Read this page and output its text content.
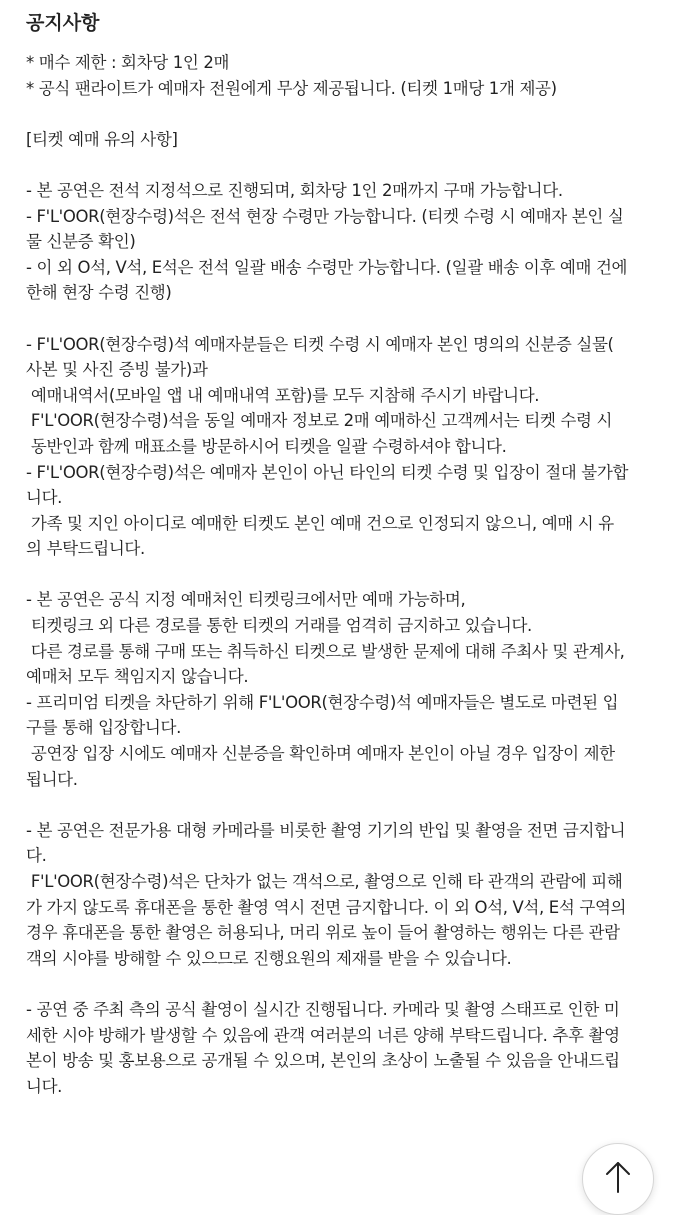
공지사항
* 매수 제한 : 회차당 1인 2매
* 공식 팬라이트가 예매자 전원에게 무상 제공됩니다. (티켓 1매당 1개 제공)
[티켓 예매 유의 사항]
- 본 공연은 전석 지정석으로 진행되며, 회차당 1인 2매까지 구매 가능합니다.
- F'L'OOR(현장수령)석은 전석 현장 수령만 가능합니다. (티켓 수령 시 예매자 본인 실
물 신분증 확인)
- 이 외 O석, V석, E석은 전석 일괄 배송 수령만 가능합니다. (일괄 배송 이후 예매 건에
한해 현장 수령 진행)
- F'L'OOR(현장수령)석 예매자분들은 티켓 수령 시 예매자 본인 명의의 신분증 실물(
사본 및 사진 증빙 불가)과
예매내역서(모바일 앱 내 예매내역 포함)를 모두 지참해 주시기 바랍니다.
F'L'OOR(현장수령)석을 동일 예매자 정보로 2매 예매하신 고객께서는 티켓 수령 시
동반인과 함께 매표소를 방문하시어 티켓을 일괄 수령하셔야 합니다.
- F'L'OOR(현장수령)석은 예매자 본인이 아닌 타인의 티켓 수령 및 입장이 절대 불가합
니다.
가족 및 지인 아이디로 예매한 티켓도 본인 예매 건으로 인정되지 않으니, 예매 시 유
의 부탁드립니다.
- 본 공연은 공식 지정 예매처인 티켓링크에서만 예매 가능하며,
티켓링크 외 다른 경로를 통한 티켓의 거래를 엄격히 금지하고 있습니다.
다른 경로를 통해 구매 또는 취득하신 티켓으로 발생한 문제에 대해 주최사 및 관계사,
예매처 모두 책임지지 않습니다.
- 프리미엄 티켓을 차단하기 위해 F'L'OOR(현장수령)석 예매자들은 별도로 마련된 입
구를 통해 입장합니다.
공연장 입장 시에도 예매자 신분증을 확인하며 예매자 본인이 아닐 경우 입장이 제한
됩니다.
- 본 공연은 전문가용 대형 카메라를 비롯한 촬영 기기의 반입 및 촬영을 전면 금지합니
다.
F'L'OOR(현장수령)석은 단차가 없는 객석으로, 촬영으로 인해 타 관객의 관람에 피해
가 가지 않도록 휴대폰을 통한 촬영 역시 전면 금지합니다. 이 외 O석, V석, E석 구역의
경우 휴대폰을 통한 촬영은 허용되나, 머리 위로 높이 들어 촬영하는 행위는 다른 관람
객의 시야를 방해할 수 있으므로 진행요원의 제재를 받을 수 있습니다.
- 공연 중 주최 측의 공식 촬영이 실시간 진행됩니다. 카메라 및 촬영 스태프로 인한 미
세한 시야 방해가 발생할 수 있음에 관객 여러분의 너른 양해 부탁드립니다. 추후 촬영
본이 방송 및 홍보용으로 공개될 수 있으며, 본인의 초상이 노출될 수 있음을 안내드립
니다.
